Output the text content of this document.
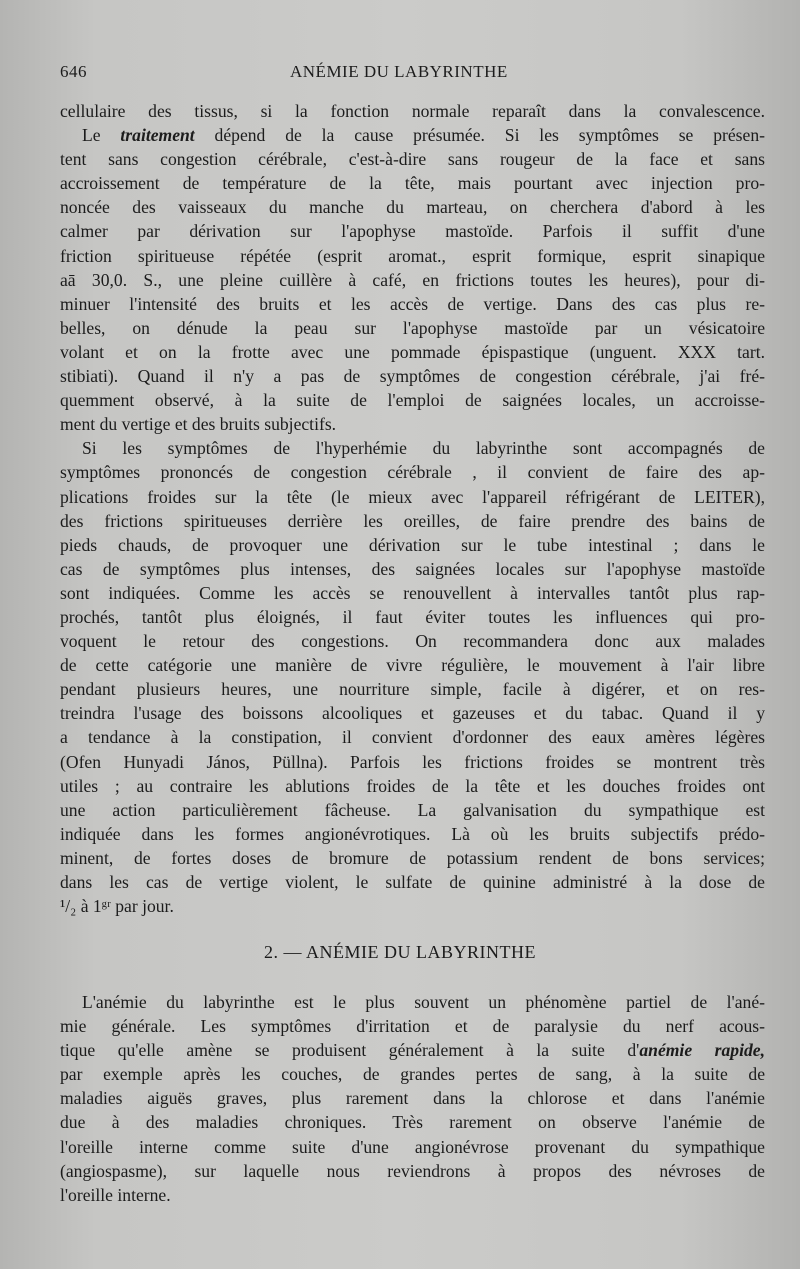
646	ANÉMIE DU LABYRINTHE
cellulaire des tissus, si la fonction normale reparaît dans la convalescence.
Le traitement dépend de la cause présumée. Si les symptômes se présen-
tent sans congestion cérébrale, c'est-à-dire sans rougeur de la face et sans
accroissement de température de la tête, mais pourtant avec injection pro-
noncée des vaisseaux du manche du marteau, on cherchera d'abord à les
calmer par dérivation sur l'apophyse mastoïde. Parfois il suffit d'une
friction spiritueuse répétée (esprit aromat., esprit formique, esprit sinapique
aā 30,0. S., une pleine cuillère à café, en frictions toutes les heures), pour di-
minuer l'intensité des bruits et les accès de vertige. Dans des cas plus re-
belles, on dénude la peau sur l'apophyse mastoïde par un vésicatoire
volant et on la frotte avec une pommade épispastique (unguent. XXX tart.
stibiati). Quand il n'y a pas de symptômes de congestion cérébrale, j'ai fré-
quemment observé, à la suite de l'emploi de saignées locales, un accroisse-
ment du vertige et des bruits subjectifs.
Si les symptômes de l'hyperhémie du labyrinthe sont accompagnés de
symptômes prononcés de congestion cérébrale , il convient de faire des ap-
plications froides sur la tête (le mieux avec l'appareil réfrigérant de LEITER),
des frictions spiritueuses derrière les oreilles, de faire prendre des bains de
pieds chauds, de provoquer une dérivation sur le tube intestinal ; dans le
cas de symptômes plus intenses, des saignées locales sur l'apophyse mastoïde
sont indiquées. Comme les accès se renouvellent à intervalles tantôt plus rap-
prochés, tantôt plus éloignés, il faut éviter toutes les influences qui pro-
voquent le retour des congestions. On recommandera donc aux malades
de cette catégorie une manière de vivre régulière, le mouvement à l'air libre
pendant plusieurs heures, une nourriture simple, facile à digérer, et on res-
treindra l'usage des boissons alcooliques et gazeuses et du tabac. Quand il y
a tendance à la constipation, il convient d'ordonner des eaux amères légères
(Ofen Hunyadi János, Püllna). Parfois les frictions froides se montrent très
utiles ; au contraire les ablutions froides de la tête et les douches froides ont
une action particulièrement fâcheuse. La galvanisation du sympathique est
indiquée dans les formes angionévrotiques. Là où les bruits subjectifs prédo-
minent, de fortes doses de bromure de potassium rendent de bons services;
dans les cas de vertige violent, le sulfate de quinine administré à la dose de
¹/₂ à 1ᵍʳ par jour.
2. — ANÉMIE DU LABYRINTHE
L'anémie du labyrinthe est le plus souvent un phénomène partiel de l'ané-
mie générale. Les symptômes d'irritation et de paralysie du nerf acous-
tique qu'elle amène se produisent généralement à la suite d'anémie rapide,
par exemple après les couches, de grandes pertes de sang, à la suite de
maladies aiguës graves, plus rarement dans la chlorose et dans l'anémie
due à des maladies chroniques. Très rarement on observe l'anémie de
l'oreille interne comme suite d'une angionévrose provenant du sympathique
(angiospasme), sur laquelle nous reviendrons à propos des névroses de
l'oreille interne.
